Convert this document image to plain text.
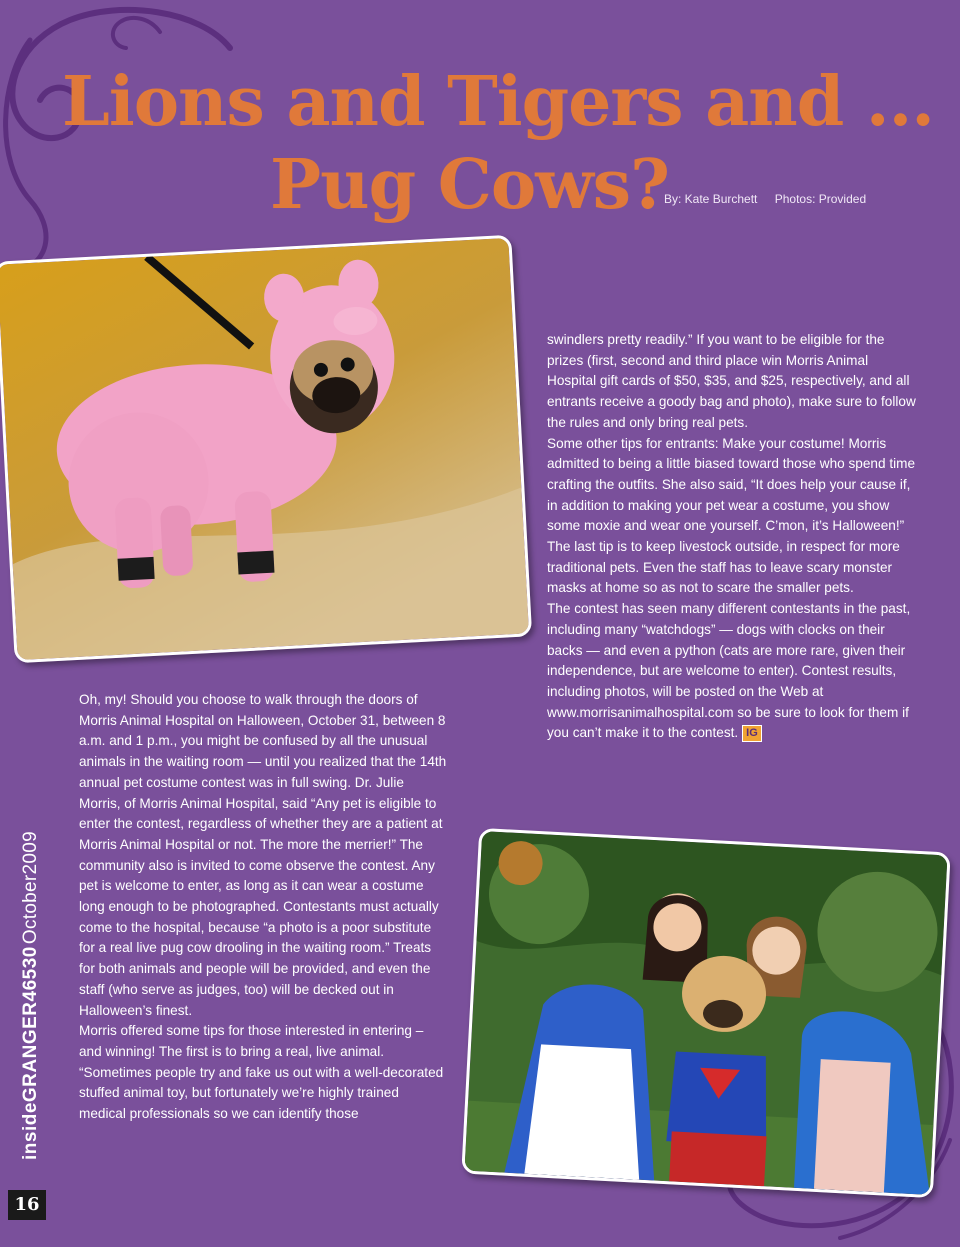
Lions and Tigers and ...
Pug Cows?
By: Kate Burchett Photos: Provided

Oh, my! Should you choose to walk through the doors of Morris Animal Hospital on Halloween, October 31, between 8 a.m. and 1 p.m., you might be confused by all the unusual animals in the waiting room — until you realized that the 14th annual pet costume contest was in full swing. Dr. Julie Morris, of Morris Animal Hospital, said “Any pet is eligible to enter the contest, regardless of whether they are a patient at Morris Animal Hospital or not. The more the merrier!” The community also is invited to come observe the contest. Any pet is welcome to enter, as long as it can wear a costume long enough to be photographed. Contestants must actually come to the hospital, because “a photo is a poor substitute for a real live pug cow drooling in the waiting room.” Treats for both animals and people will be provided, and even the staff (who serve as judges, too) will be decked out in Halloween’s finest.

Morris offered some tips for those interested in entering – and winning! The first is to bring a real, live animal. “Sometimes people try and fake us out with a well-decorated stuffed animal toy, but fortunately we’re highly trained medical professionals so we can identify those

swindlers pretty readily.” If you want to be eligible for the prizes (first, second and third place win Morris Animal Hospital gift cards of $50, $35, and $25, respectively, and all entrants receive a goody bag and photo), make sure to follow the rules and only bring real pets.

Some other tips for entrants: Make your costume! Morris admitted to being a little biased toward those who spend time crafting the outfits. She also said, “It does help your cause if, in addition to making your pet wear a costume, you show some moxie and wear one yourself. C’mon, it’s Halloween!” The last tip is to keep livestock outside, in respect for more traditional pets. Even the staff has to leave scary monster masks at home so as not to scare the smaller pets.

The contest has seen many different contestants in the past, including many “watchdogs” — dogs with clocks on their backs — and even a python (cats are more rare, given their independence, but are welcome to enter). Contest results, including photos, will be posted on the Web at www.morrisanimalhospital.com so be sure to look for them if you can’t make it to the contest. IG

insideGRANGER46530October2009
16
